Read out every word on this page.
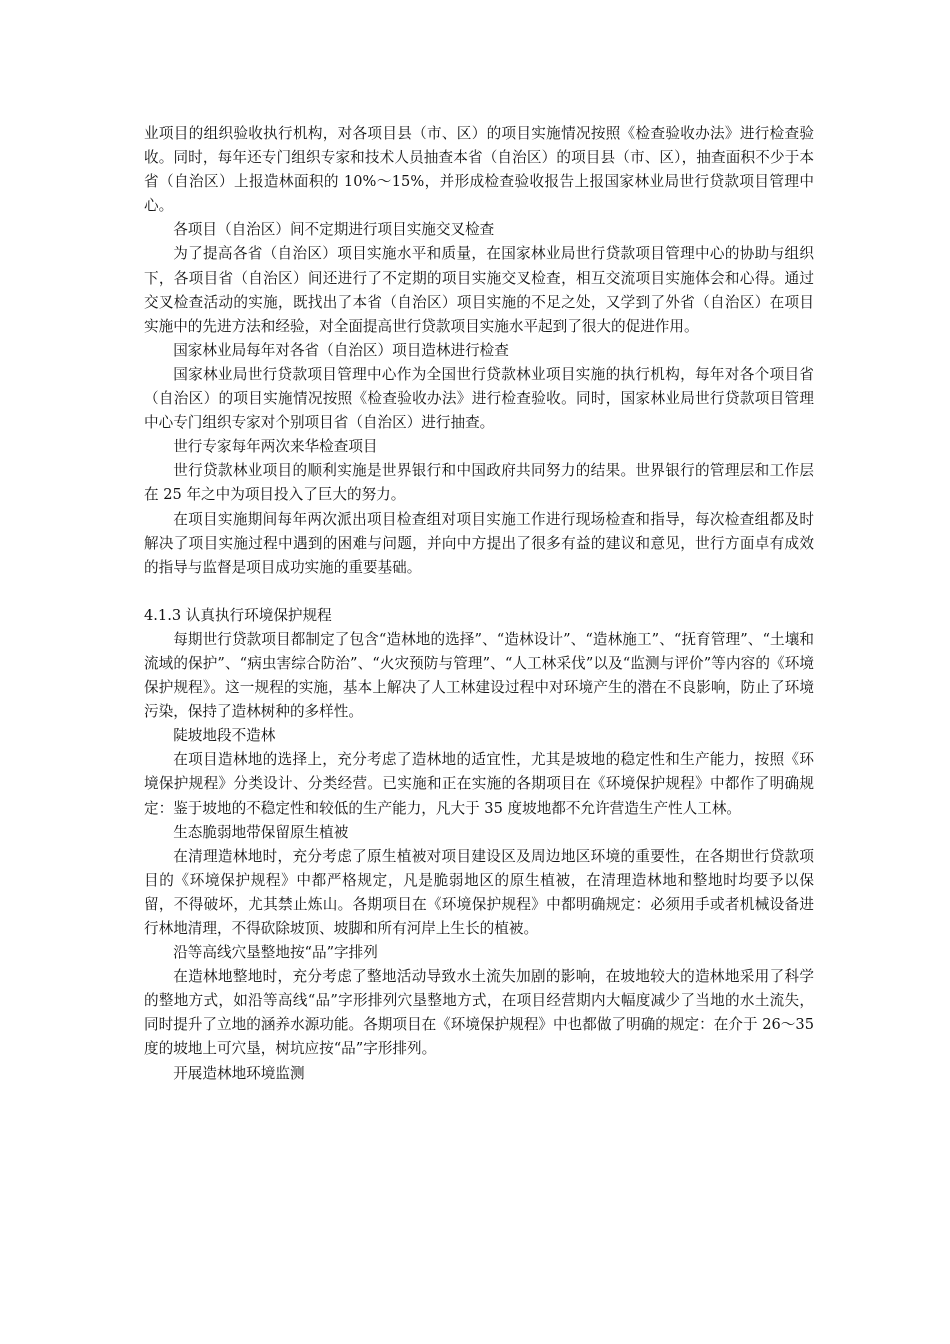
业项目的组织验收执行机构，对各项目县（市、区）的项目实施情况按照《检查验收办法》进行检查验收。同时，每年还专门组织专家和技术人员抽查本省（自治区）的项目县（市、区），抽查面积不少于本省（自治区）上报造林面积的 10%～15%，并形成检查验收报告上报国家林业局世行贷款项目管理中心。

各项目（自治区）间不定期进行项目实施交叉检查

为了提高各省（自治区）项目实施水平和质量，在国家林业局世行贷款项目管理中心的协助与组织下，各项目省（自治区）间还进行了不定期的项目实施交叉检查，相互交流项目实施体会和心得。通过交叉检查活动的实施，既找出了本省（自治区）项目实施的不足之处，又学到了外省（自治区）在项目实施中的先进方法和经验，对全面提高世行贷款项目实施水平起到了很大的促进作用。

国家林业局每年对各省（自治区）项目造林进行检查

国家林业局世行贷款项目管理中心作为全国世行贷款林业项目实施的执行机构，每年对各个项目省（自治区）的项目实施情况按照《检查验收办法》进行检查验收。同时，国家林业局世行贷款项目管理中心专门组织专家对个别项目省（自治区）进行抽查。

世行专家每年两次来华检查项目

世行贷款林业项目的顺利实施是世界银行和中国政府共同努力的结果。世界银行的管理层和工作层在 25 年之中为项目投入了巨大的努力。

在项目实施期间每年两次派出项目检查组对项目实施工作进行现场检查和指导，每次检查组都及时解决了项目实施过程中遇到的困难与问题，并向中方提出了很多有益的建议和意见，世行方面卓有成效的指导与监督是项目成功实施的重要基础。

4.1.3 认真执行环境保护规程

每期世行贷款项目都制定了包含“造林地的选择”、“造林设计”、“造林施工”、“抚育管理”、“土壤和流域的保护”、“病虫害综合防治”、“火灾预防与管理”、“人工林采伐”以及“监测与评价”等内容的《环境保护规程》。这一规程的实施，基本上解决了人工林建设过程中对环境产生的潜在不良影响，防止了环境污染，保持了造林树种的多样性。

陡坡地段不造林

在项目造林地的选择上，充分考虑了造林地的适宜性，尤其是坡地的稳定性和生产能力，按照《环境保护规程》分类设计、分类经营。已实施和正在实施的各期项目在《环境保护规程》中都作了明确规定：鉴于坡地的不稳定性和较低的生产能力，凡大于 35 度坡地都不允许营造生产性人工林。

生态脆弱地带保留原生植被

在清理造林地时，充分考虑了原生植被对项目建设区及周边地区环境的重要性，在各期世行贷款项目的《环境保护规程》中都严格规定，凡是脆弱地区的原生植被，在清理造林地和整地时均要予以保留，不得破坏，尤其禁止炼山。各期项目在《环境保护规程》中都明确规定：必须用手或者机械设备进行林地清理，不得砍除坡顶、坡脚和所有河岸上生长的植被。

沿等高线穴垦整地按“品”字排列

在造林地整地时，充分考虑了整地活动导致水土流失加剧的影响，在坡地较大的造林地采用了科学的整地方式，如沿等高线“品”字形排列穴垦整地方式，在项目经营期内大幅度减少了当地的水土流失，同时提升了立地的涵养水源功能。各期项目在《环境保护规程》中也都做了明确的规定：在介于 26～35 度的坡地上可穴垦，树坑应按“品”字形排列。

开展造林地环境监测
